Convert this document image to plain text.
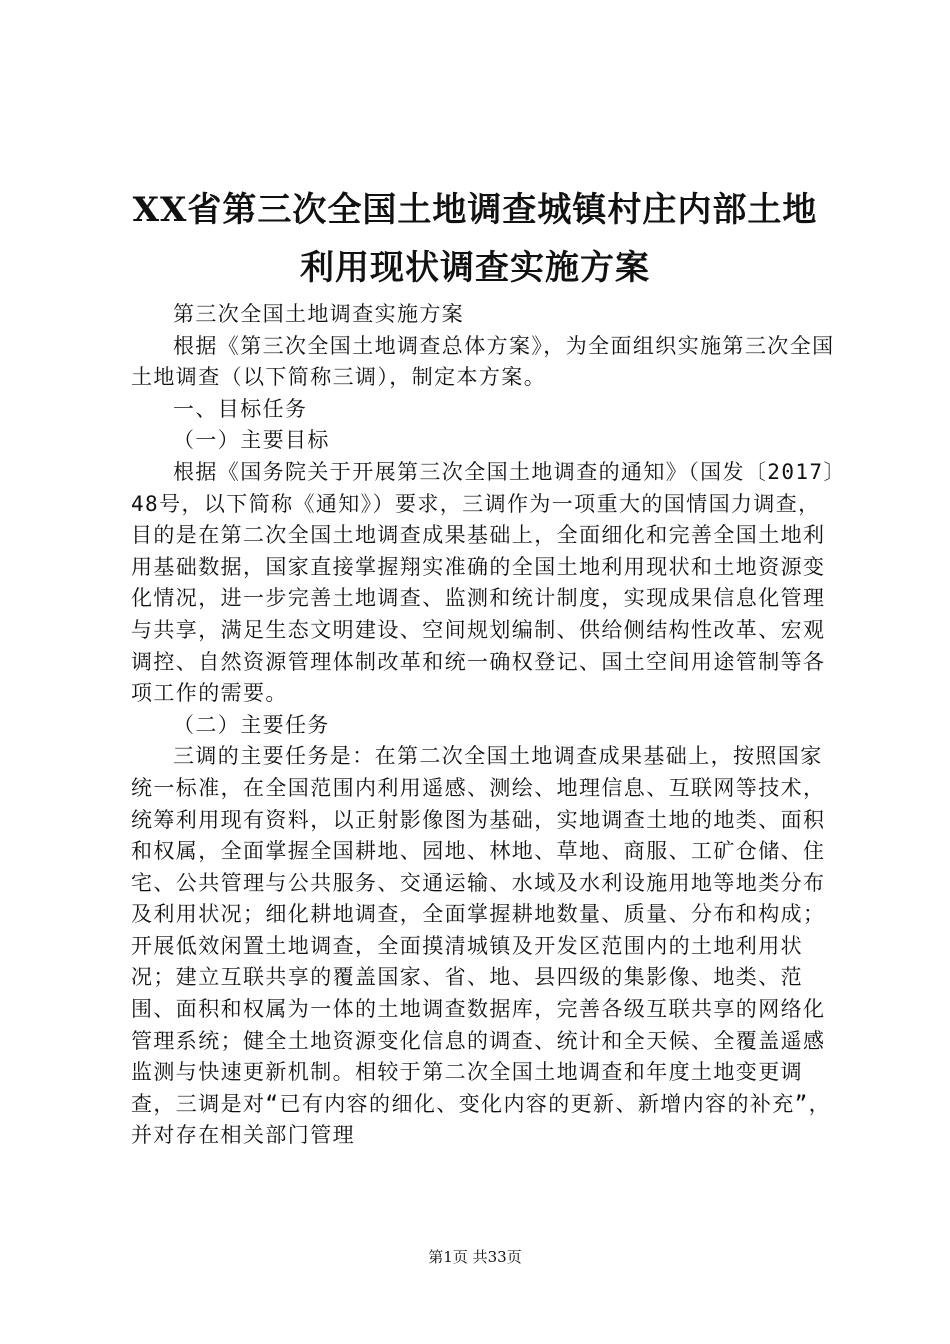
XX省第三次全国土地调查城镇村庄内部土地
利用现状调查实施方案

第三次全国土地调查实施方案

根据《第三次全国土地调查总体方案》，为全面组织实施第三次全国土地调查（以下简称三调），制定本方案。

一、目标任务

（一）主要目标

根据《国务院关于开展第三次全国土地调查的通知》（国发〔2017〕48号，以下简称《通知》）要求，三调作为一项重大的国情国力调查，目的是在第二次全国土地调查成果基础上，全面细化和完善全国土地利用基础数据，国家直接掌握翔实准确的全国土地利用现状和土地资源变化情况，进一步完善土地调查、监测和统计制度，实现成果信息化管理与共享，满足生态文明建设、空间规划编制、供给侧结构性改革、宏观调控、自然资源管理体制改革和统一确权登记、国土空间用途管制等各项工作的需要。

（二）主要任务

三调的主要任务是：在第二次全国土地调查成果基础上，按照国家统一标准，在全国范围内利用遥感、测绘、地理信息、互联网等技术，统筹利用现有资料，以正射影像图为基础，实地调查土地的地类、面积和权属，全面掌握全国耕地、园地、林地、草地、商服、工矿仓储、住宅、公共管理与公共服务、交通运输、水域及水利设施用地等地类分布及利用状况；细化耕地调查，全面掌握耕地数量、质量、分布和构成；开展低效闲置土地调查，全面摸清城镇及开发区范围内的土地利用状况；建立互联共享的覆盖国家、省、地、县四级的集影像、地类、范围、面积和权属为一体的土地调查数据库，完善各级互联共享的网络化管理系统；健全土地资源变化信息的调查、统计和全天候、全覆盖遥感监测与快速更新机制。相较于第二次全国土地调查和年度土地变更调查，三调是对“已有内容的细化、变化内容的更新、新增内容的补充”，并对存在相关部门管理

第1页 共33页
